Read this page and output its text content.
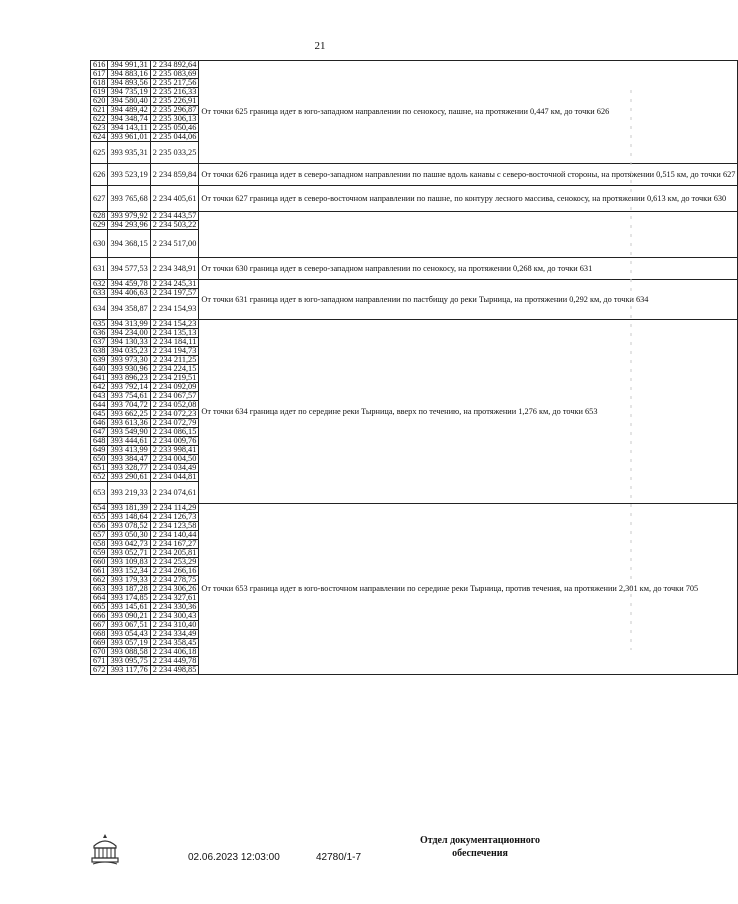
21
616	394 991,31	2 234 892,64	От точки 625 граница идет в юго-западном направлении по сенокосу, пашне, на протяжении 0,447 км, до точки 626
617	394 883,16	2 235 083,69	
618	394 893,56	2 235 217,56	
619	394 735,19	2 235 216,33	
620	394 580,40	2 235 226,91	
621	394 489,42	2 235 296,87	
622	394 348,74	2 235 306,13	
623	394 143,11	2 235 050,46	
624	393 961,01	2 235 044,06	
625	393 935,31	2 235 033,25	
626	393 523,19	2 234 859,84	От точки 626 граница идет в северо-западном направлении по пашне вдоль канавы с северо-восточной стороны, на протяжении 0,515 км, до точки 627
627	393 765,68	2 234 405,61	От точки 627 граница идет в северо-восточном направлении по пашне, по контуру лесного массива, сенокосу, на протяжении 0,613 км, до точки 630
628	393 979,92	2 234 443,57	
629	394 293,96	2 234 503,22	
630	394 368,15	2 234 517,00	
631	394 577,53	2 234 348,91	От точки 630 граница идет в северо-западном направлении по сенокосу, на протяжении 0,268 км, до точки 631
632	394 459,78	2 234 245,31	От точки 631 граница идет в юго-западном направлении по пастбищу до реки Тырница, на протяжении 0,292 км, до точки 634
633	394 406,63	2 234 197,57	
634	394 358,87	2 234 154,93	
635	394 313,99	2 234 154,23	От точки 634 граница идет по середине реки Тырница, вверх по течению, на протяжении 1,276 км, до точки 653
636	394 234,00	2 234 135,13	
637	394 130,33	2 234 184,11	
638	394 035,23	2 234 194,73	
639	393 973,30	2 234 211,25	
640	393 930,96	2 234 224,15	
641	393 896,23	2 234 219,51	
642	393 792,14	2 234 092,09	
643	393 754,61	2 234 067,57	
644	393 704,72	2 234 052,08	
645	393 662,25	2 234 072,23	
646	393 613,36	2 234 072,79	
647	393 549,90	2 234 086,15	
648	393 444,61	2 234 009,76	
649	393 413,99	2 233 998,41	
650	393 384,47	2 234 004,50	
651	393 328,77	2 234 034,49	
652	393 290,61	2 234 044,81	
653	393 219,33	2 234 074,61	
654	393 181,39	2 234 114,29	От точки 653 граница идет в юго-восточном направлении по середине реки Тырница, против течения, на протяжении 2,301 км, до точки 705
655	393 148,64	2 234 126,73	
656	393 078,52	2 234 123,58	
657	393 050,30	2 234 140,44	
658	393 042,73	2 234 167,27	
659	393 052,71	2 234 205,81	
660	393 109,83	2 234 253,29	
661	393 152,34	2 234 266,16	
662	393 179,33	2 234 278,75	
663	393 187,28	2 234 306,26	
664	393 174,85	2 234 327,61	
665	393 145,61	2 234 330,36	
666	393 090,21	2 234 300,43	
667	393 067,51	2 234 310,40	
668	393 054,43	2 234 334,49	
669	393 057,19	2 234 358,45	
670	393 088,58	2 234 406,18	
671	393 095,75	2 234 449,78	
672	393 117,76	2 234 498,85	
02.06.2023 12:03:00	42780/1-7
Отдел документационного
обеспечения
